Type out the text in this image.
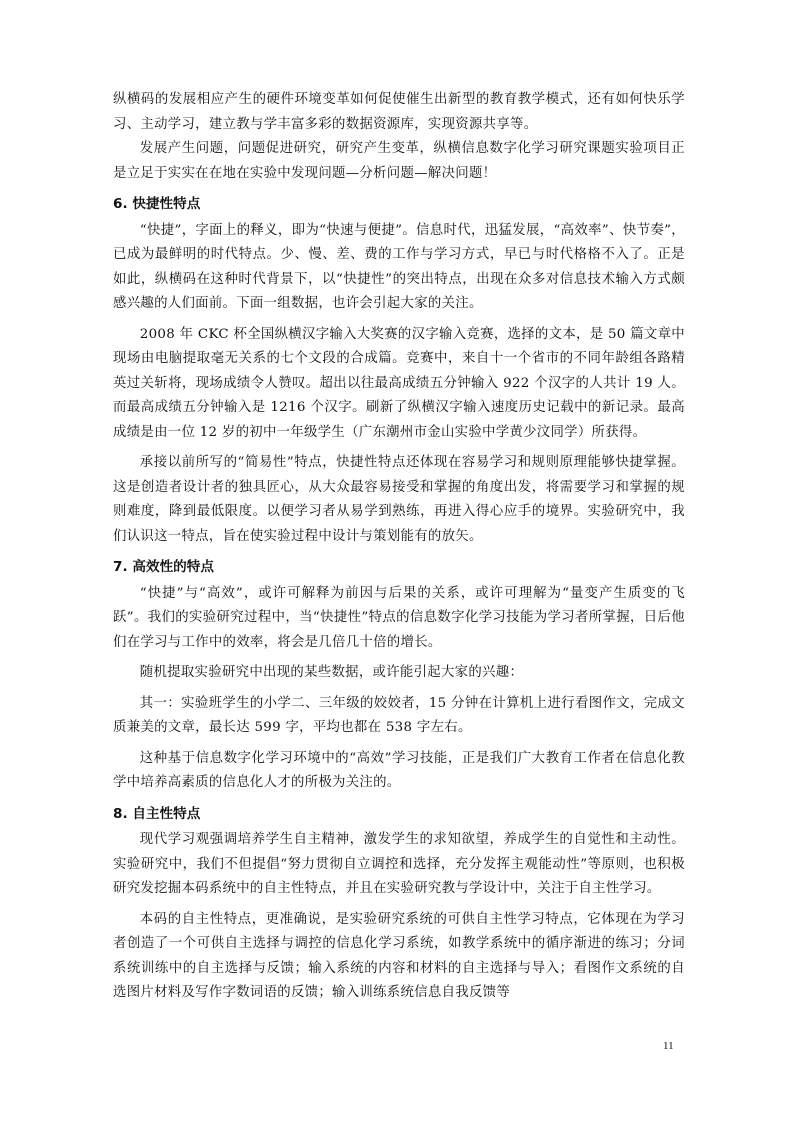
纵横码的发展相应产生的硬件环境变革如何促使催生出新型的教育教学模式，还有如何快乐学习、主动学习，建立教与学丰富多彩的数据资源库，实现资源共享等。

发展产生问题，问题促进研究，研究产生变革，纵横信息数字化学习研究课题实验项目正是立足于实实在在地在实验中发现问题—分析问题—解决问题！

6. 快捷性特点

“快捷”，字面上的释义，即为“快速与便捷”。信息时代，迅猛发展，“高效率”、快节奏”，已成为最鲜明的时代特点。少、慢、差、费的工作与学习方式，早已与时代格格不入了。正是如此，纵横码在这种时代背景下，以“快捷性”的突出特点，出现在众多对信息技术输入方式颇感兴趣的人们面前。下面一组数据，也许会引起大家的关注。

2008 年 CKC 杯全国纵横汉字输入大奖赛的汉字输入竞赛，选择的文本，是 50 篇文章中现场由电脑提取毫无关系的七个文段的合成篇。竞赛中，来自十一个省市的不同年龄组各路精英过关斩将，现场成绩令人赞叹。超出以往最高成绩五分钟输入 922 个汉字的人共计 19 人。而最高成绩五分钟输入是 1216 个汉字。刷新了纵横汉字输入速度历史记载中的新记录。最高成绩是由一位 12 岁的初中一年级学生（广东潮州市金山实验中学黄少汶同学）所获得。

承接以前所写的“简易性”特点，快捷性特点还体现在容易学习和规则原理能够快捷掌握。这是创造者设计者的独具匠心，从大众最容易接受和掌握的角度出发，将需要学习和掌握的规则难度，降到最低限度。以便学习者从易学到熟练，再进入得心应手的境界。实验研究中，我们认识这一特点，旨在使实验过程中设计与策划能有的放矢。

7. 高效性的特点

“快捷”与“高效”，或许可解释为前因与后果的关系，或许可理解为“量变产生质变的飞跃”。我们的实验研究过程中，当“快捷性”特点的信息数字化学习技能为学习者所掌握，日后他们在学习与工作中的效率，将会是几倍几十倍的增长。

随机提取实验研究中出现的某些数据，或许能引起大家的兴趣：

其一：实验班学生的小学二、三年级的姣姣者，15 分钟在计算机上进行看图作文，完成文质兼美的文章，最长达 599 字，平均也都在 538 字左右。

这种基于信息数字化学习环境中的“高效”学习技能，正是我们广大教育工作者在信息化教学中培养高素质的信息化人才的所极为关注的。

8. 自主性特点

现代学习观强调培养学生自主精神，激发学生的求知欲望，养成学生的自觉性和主动性。实验研究中，我们不但提倡“努力贯彻自立调控和选择，充分发挥主观能动性”等原则，也积极研究发挖掘本码系统中的自主性特点，并且在实验研究教与学设计中，关注于自主性学习。

本码的自主性特点，更准确说，是实验研究系统的可供自主性学习特点，它体现在为学习者创造了一个可供自主选择与调控的信息化学习系统，如教学系统中的循序渐进的练习；分词系统训练中的自主选择与反馈；输入系统的内容和材料的自主选择与导入；看图作文系统的自选图片材料及写作字数词语的反馈；输入训练系统信息自我反馈等

11
